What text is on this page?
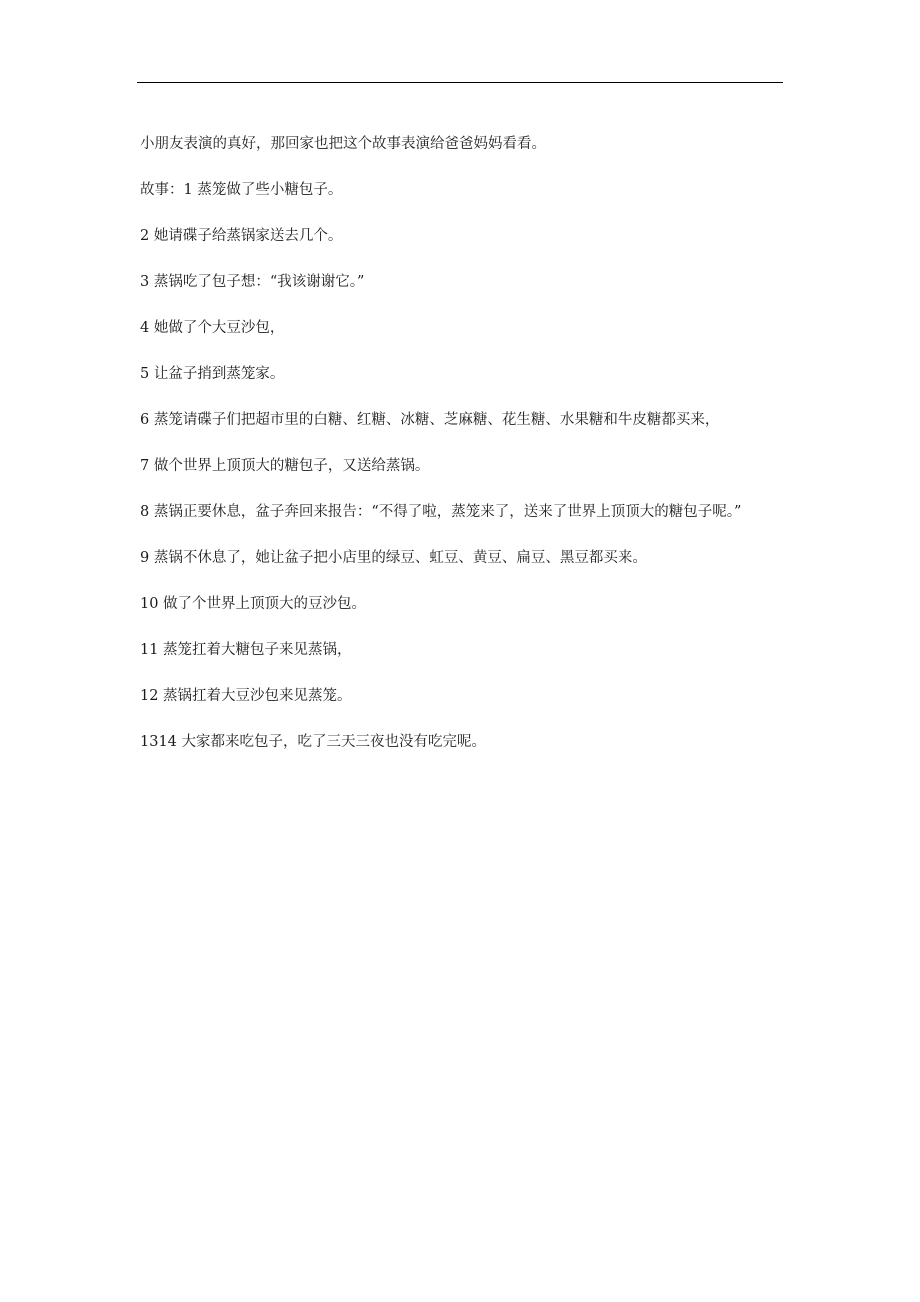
小朋友表演的真好，那回家也把这个故事表演给爸爸妈妈看看。

故事：1 蒸笼做了些小糖包子。

2 她请碟子给蒸锅家送去几个。

3 蒸锅吃了包子想：“我该谢谢它。”

4 她做了个大豆沙包，

5 让盆子捎到蒸笼家。

6 蒸笼请碟子们把超市里的白糖、红糖、冰糖、芝麻糖、花生糖、水果糖和牛皮糖都买来，

7 做个世界上顶顶大的糖包子，又送给蒸锅。

8 蒸锅正要休息，盆子奔回来报告：“不得了啦，蒸笼来了，送来了世界上顶顶大的糖包子呢。”

9 蒸锅不休息了，她让盆子把小店里的绿豆、虹豆、黄豆、扁豆、黑豆都买来。

10 做了个世界上顶顶大的豆沙包。

11 蒸笼扛着大糖包子来见蒸锅，

12 蒸锅扛着大豆沙包来见蒸笼。

1314 大家都来吃包子，吃了三天三夜也没有吃完呢。
